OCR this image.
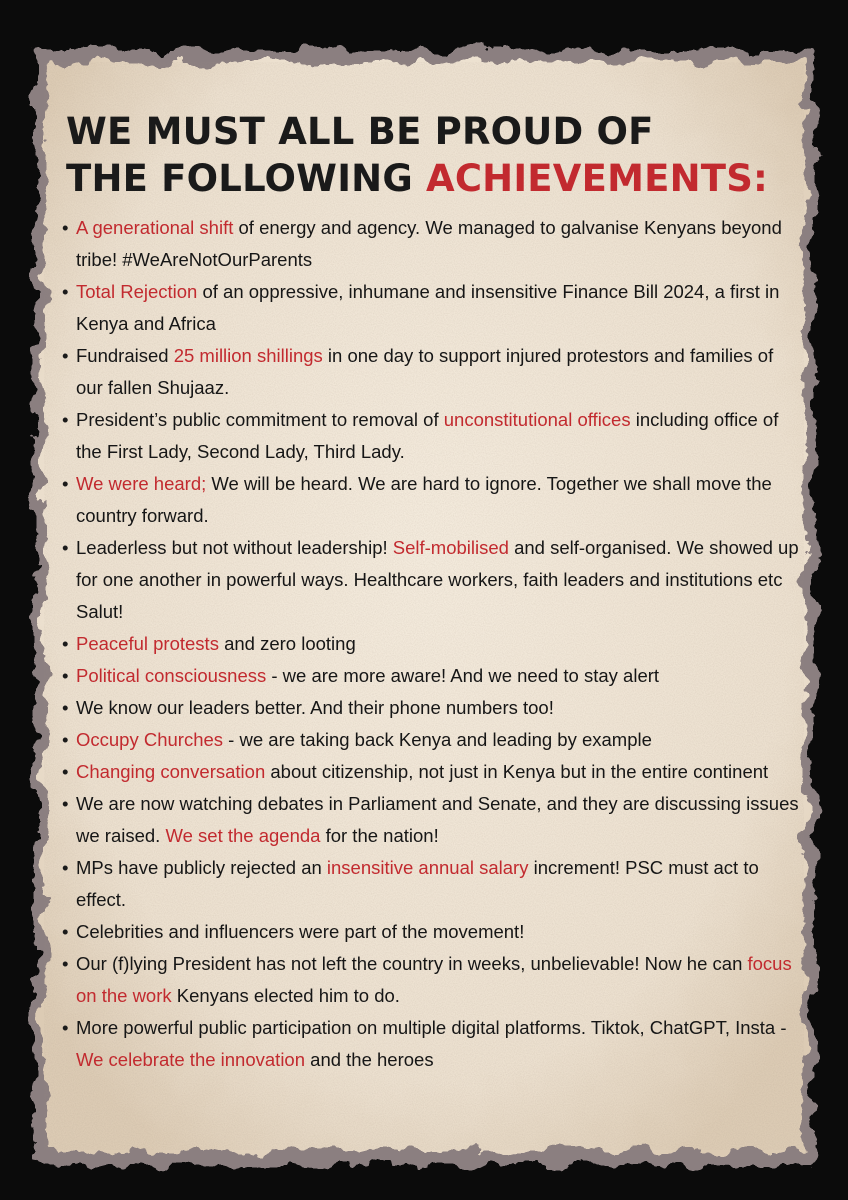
WE MUST ALL BE PROUD OF
THE FOLLOWING ACHIEVEMENTS:
• A generational shift of energy and agency. We managed to galvanise Kenyans beyond tribe! #WeAreNotOurParents
• Total Rejection of an oppressive, inhumane and insensitive Finance Bill 2024, a first in Kenya and Africa
• Fundraised 25 million shillings in one day to support injured protestors and families of our fallen Shujaaz.
• President’s public commitment to removal of unconstitutional offices including office of the First Lady, Second Lady, Third Lady.
• We were heard; We will be heard. We are hard to ignore. Together we shall move the country forward.
• Leaderless but not without leadership! Self-mobilised and self-organised. We showed up for one another in powerful ways. Healthcare workers, faith leaders and institutions etc Salut!
• Peaceful protests and zero looting
• Political consciousness - we are more aware! And we need to stay alert
• We know our leaders better. And their phone numbers too!
• Occupy Churches - we are taking back Kenya and leading by example
• Changing conversation about citizenship, not just in Kenya but in the entire continent
• We are now watching debates in Parliament and Senate, and they are discussing issues we raised. We set the agenda for the nation!
• MPs have publicly rejected an insensitive annual salary increment! PSC must act to effect.
• Celebrities and influencers were part of the movement!
• Our (f)lying President has not left the country in weeks, unbelievable! Now he can focus on the work Kenyans elected him to do.
• More powerful public participation on multiple digital platforms. Tiktok, ChatGPT, Insta - We celebrate the innovation and the heroes
